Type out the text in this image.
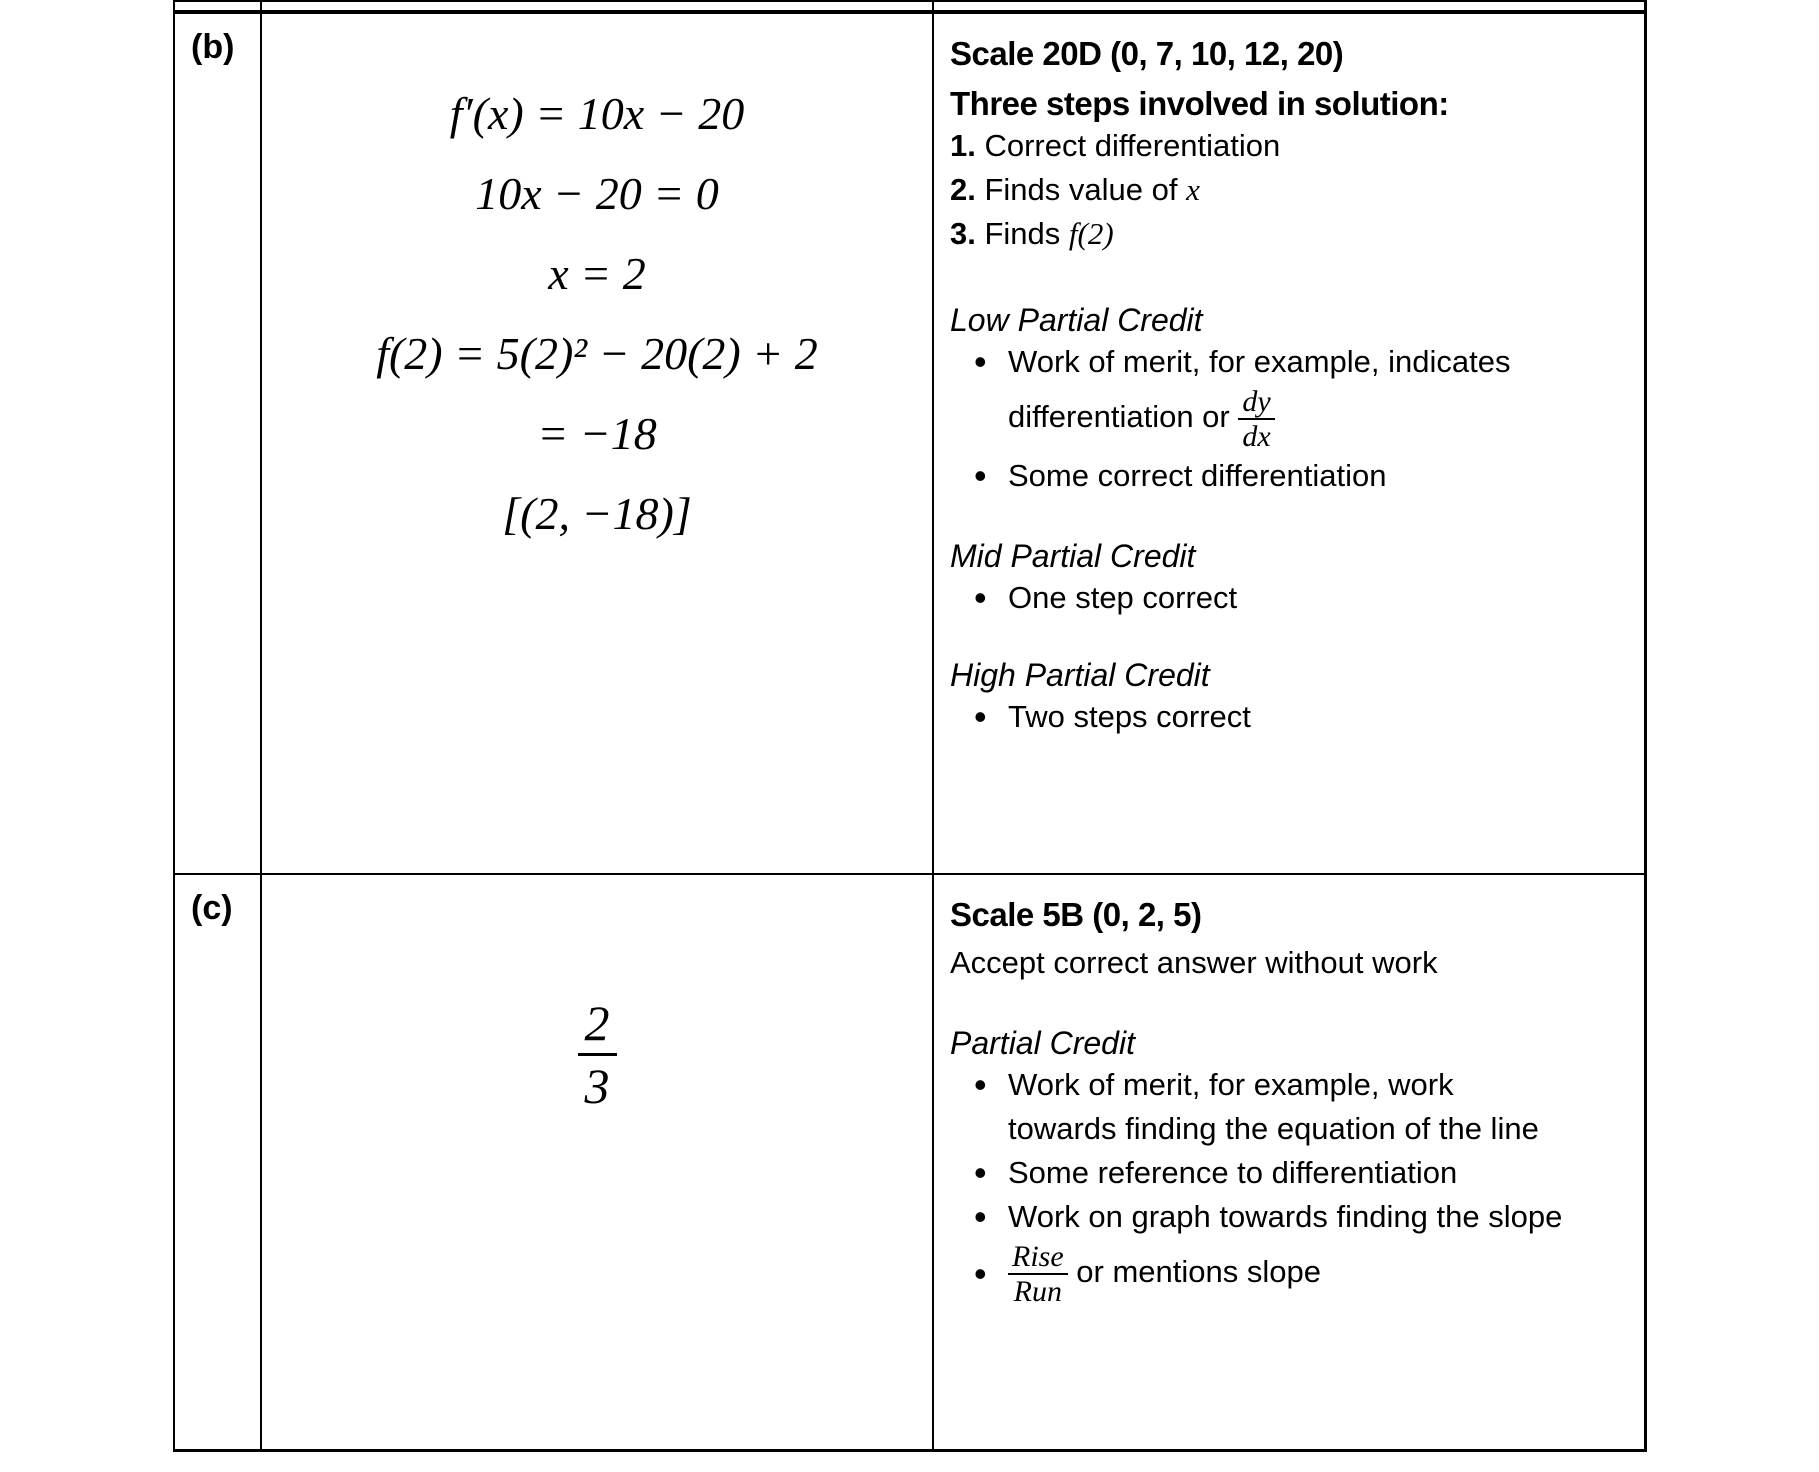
(b)
f′(x) = 10x − 20
10x − 20 = 0
x = 2
f(2) = 5(2)² − 20(2) + 2
= −18
[(2, −18)]
Scale 20D (0, 7, 10, 12, 20)
Three steps involved in solution:
1. Correct differentiation
2. Finds value of x
3. Finds f(2)
Low Partial Credit
• Work of merit, for example, indicates
differentiation or $\frac{dy}{dx}$
• Some correct differentiation
Mid Partial Credit
• One step correct
High Partial Credit
• Two steps correct
(c)
$\frac{2}{3}$
Scale 5B (0, 2, 5)
Accept correct answer without work
Partial Credit
• Work of merit, for example, work
towards finding the equation of the line
• Some reference to differentiation
• Work on graph towards finding the slope
• $\frac{\text{Rise}}{\text{Run}}$ or mentions slope
